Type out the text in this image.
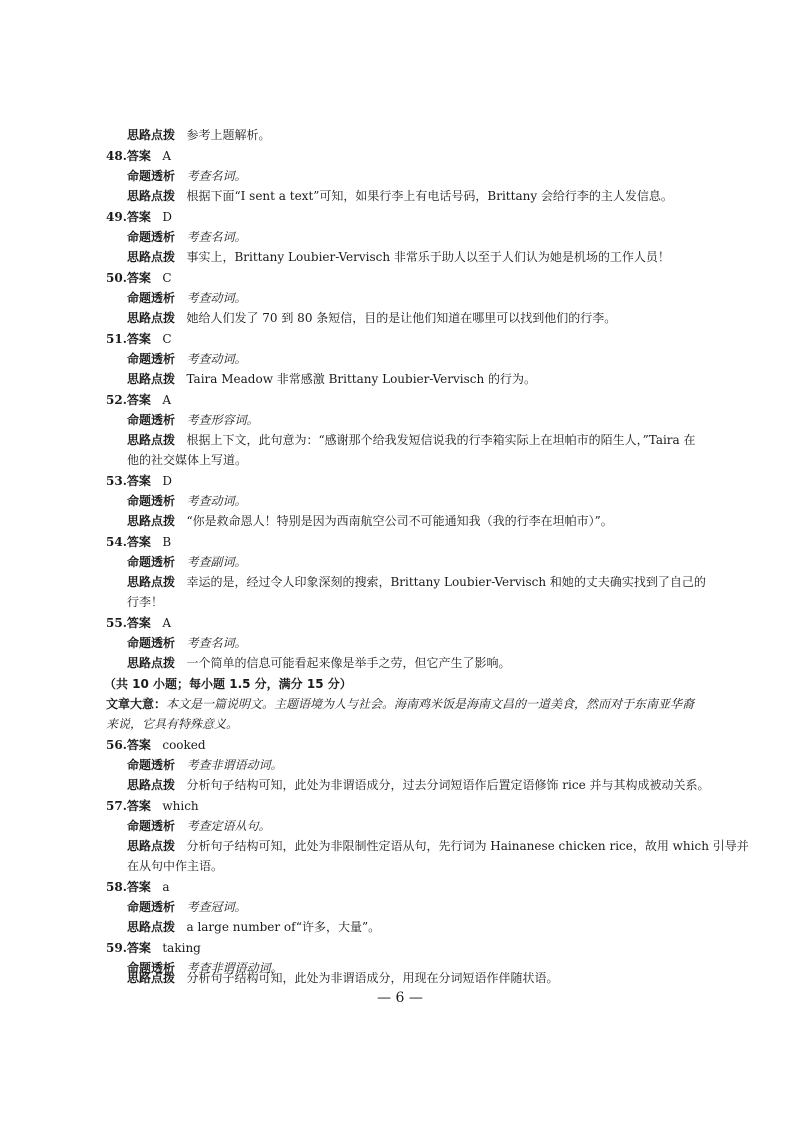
思路点拨 参考上题解析。
48.答案 A
命题透析 考查名词。
思路点拨 根据下面“I sent a text”可知，如果行李上有电话号码，Brittany 会给行李的主人发信息。
49.答案 D
命题透析 考查名词。
思路点拨 事实上，Brittany Loubier-Vervisch 非常乐于助人以至于人们认为她是机场的工作人员！
50.答案 C
命题透析 考查动词。
思路点拨 她给人们发了 70 到 80 条短信，目的是让他们知道在哪里可以找到他们的行李。
51.答案 C
命题透析 考查动词。
思路点拨 Taira Meadow 非常感激 Brittany Loubier-Vervisch 的行为。
52.答案 A
命题透析 考查形容词。
思路点拨 根据上下文，此句意为：“感谢那个给我发短信说我的行李箱实际上在坦帕市的陌生人，”Taira 在
他的社交媒体上写道。
53.答案 D
命题透析 考查动词。
思路点拨 “你是救命恩人！特别是因为西南航空公司不可能通知我（我的行李在坦帕市）”。
54.答案 B
命题透析 考查副词。
思路点拨 幸运的是，经过令人印象深刻的搜索，Brittany Loubier-Vervisch 和她的丈夫确实找到了自己的
行李！
55.答案 A
命题透析 考查名词。
思路点拨 一个简单的信息可能看起来像是举手之劳，但它产生了影响。
（共 10 小题；每小题 1.5 分，满分 15 分）
文章大意：本文是一篇说明文。主题语境为人与社会。海南鸡米饭是海南文昌的一道美食，然而对于东南亚华裔
来说，它具有特殊意义。
56.答案 cooked
命题透析 考查非谓语动词。
思路点拨 分析句子结构可知，此处为非谓语成分，过去分词短语作后置定语修饰 rice 并与其构成被动关系。
57.答案 which
命题透析 考查定语从句。
思路点拨 分析句子结构可知，此处为非限制性定语从句，先行词为 Hainanese chicken rice，故用 which 引导并
在从句中作主语。
58.答案 a
命题透析 考查冠词。
思路点拨 a large number of“许多，大量”。
59.答案 taking
命题透析 考查非谓语动词。
思路点拨 分析句子结构可知，此处为非谓语成分，用现在分词短语作伴随状语。
— 6 —
